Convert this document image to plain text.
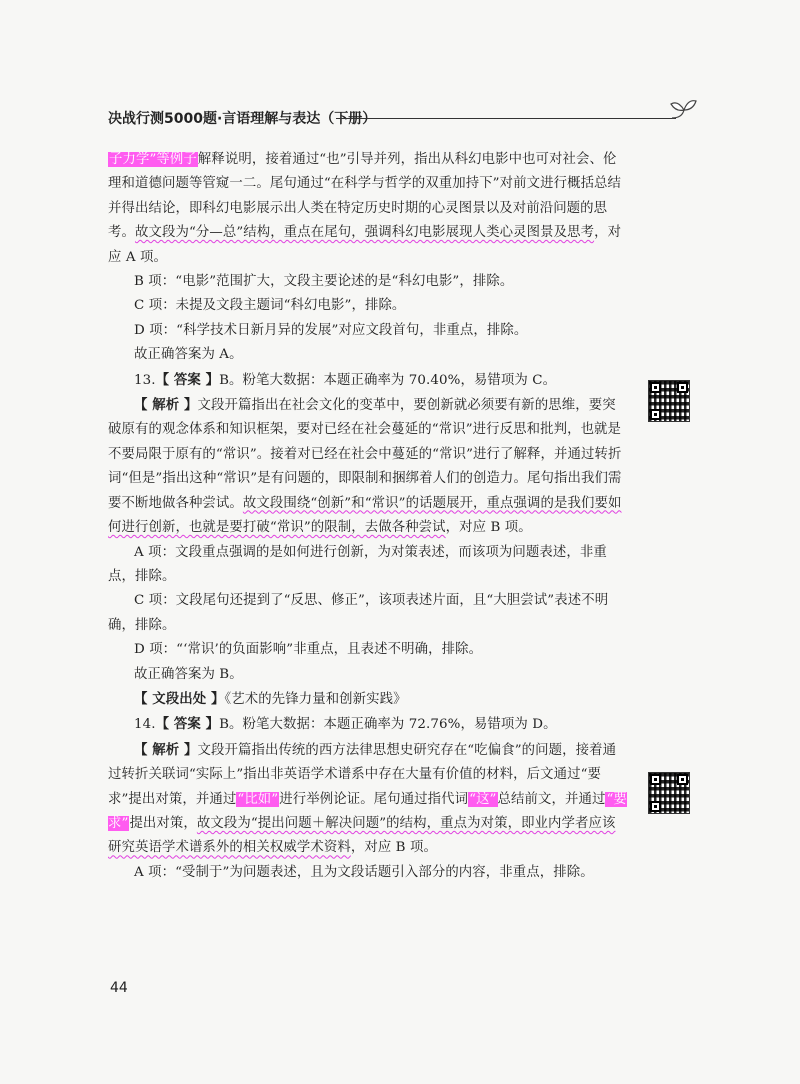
决战行测5000题·言语理解与表达（下册）

子力学”等例子解释说明，接着通过“也”引导并列，指出从科幻电影中也可对社会、伦理和道德问题等管窥一二。尾句通过“在科学与哲学的双重加持下”对前文进行概括总结并得出结论，即科幻电影展示出人类在特定历史时期的心灵图景以及对前沿问题的思考。故文段为“分—总”结构，重点在尾句，强调科幻电影展现人类心灵图景及思考，对应 A 项。

B 项：“电影”范围扩大，文段主要论述的是“科幻电影”，排除。

C 项：未提及文段主题词“科幻电影”，排除。

D 项：“科学技术日新月异的发展”对应文段首句，非重点，排除。

故正确答案为 A。

13.【 答案 】B。粉笔大数据：本题正确率为 70.40%，易错项为 C。

【 解析 】文段开篇指出在社会文化的变革中，要创新就必须要有新的思维，要突破原有的观念体系和知识框架，要对已经在社会蔓延的“常识”进行反思和批判，也就是不要局限于原有的“常识”。接着对已经在社会中蔓延的“常识”进行了解释，并通过转折词“但是”指出这种“常识”是有问题的，即限制和捆绑着人们的创造力。尾句指出我们需要不断地做各种尝试。故文段围绕“创新”和“常识”的话题展开，重点强调的是我们要如何进行创新，也就是要打破“常识”的限制，去做各种尝试，对应 B 项。

A 项：文段重点强调的是如何进行创新，为对策表述，而该项为问题表述，非重点，排除。

C 项：文段尾句还提到了“反思、修正”，该项表述片面，且“大胆尝试”表述不明确，排除。

D 项：“‘常识’的负面影响”非重点，且表述不明确，排除。

故正确答案为 B。

【 文段出处 】《艺术的先锋力量和创新实践》

14.【 答案 】B。粉笔大数据：本题正确率为 72.76%，易错项为 D。

【 解析 】文段开篇指出传统的西方法律思想史研究存在“吃偏食”的问题，接着通过转折关联词“实际上”指出非英语学术谱系中存在大量有价值的材料，后文通过“要求”提出对策，并通过“比如”进行举例论证。尾句通过指代词“这”总结前文，并通过“要求”提出对策，故文段为“提出问题＋解决问题”的结构，重点为对策，即业内学者应该研究英语学术谱系外的相关权威学术资料，对应 B 项。

A 项：“受制于”为问题表述，且为文段话题引入部分的内容，非重点，排除。

44
